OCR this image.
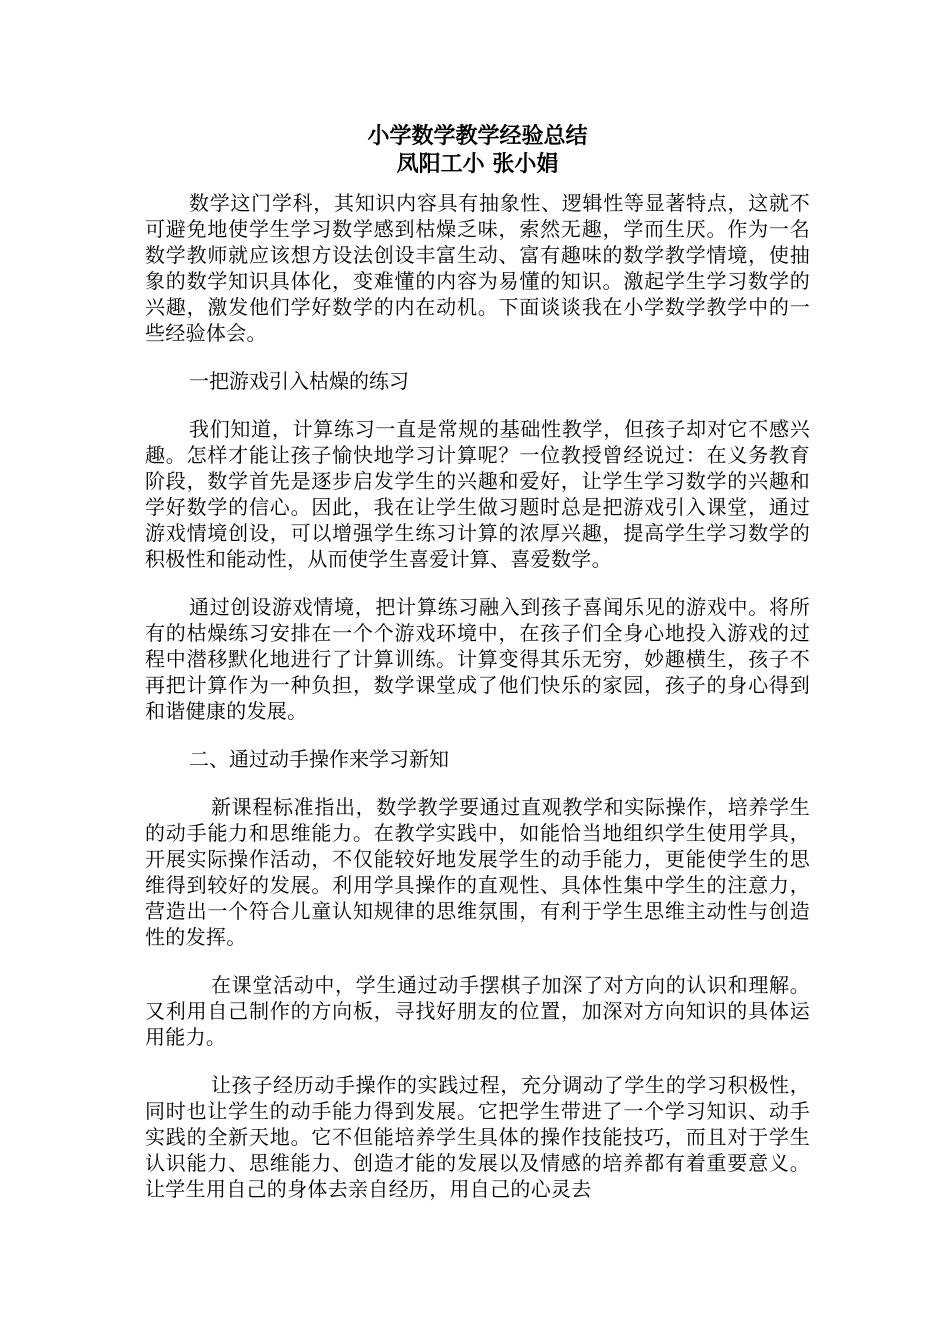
小学数学教学经验总结

凤阳工小 张小娟

数学这门学科，其知识内容具有抽象性、逻辑性等显著特点，这就不可避免地使学生学习数学感到枯燥乏味，索然无趣，学而生厌。作为一名数学教师就应该想方设法创设丰富生动、富有趣味的数学教学情境，使抽象的数学知识具体化，变难懂的内容为易懂的知识。激起学生学习数学的兴趣，激发他们学好数学的内在动机。下面谈谈我在小学数学教学中的一些经验体会。

一把游戏引入枯燥的练习

我们知道，计算练习一直是常规的基础性教学，但孩子却对它不感兴趣。怎样才能让孩子愉快地学习计算呢？一位教授曾经说过：在义务教育阶段，数学首先是逐步启发学生的兴趣和爱好，让学生学习数学的兴趣和学好数学的信心。因此，我在让学生做习题时总是把游戏引入课堂，通过游戏情境创设，可以增强学生练习计算的浓厚兴趣，提高学生学习数学的积极性和能动性，从而使学生喜爱计算、喜爱数学。

通过创设游戏情境，把计算练习融入到孩子喜闻乐见的游戏中。将所有的枯燥练习安排在一个个游戏环境中，在孩子们全身心地投入游戏的过程中潜移默化地进行了计算训练。计算变得其乐无穷，妙趣横生，孩子不再把计算作为一种负担，数学课堂成了他们快乐的家园，孩子的身心得到和谐健康的发展。

二、通过动手操作来学习新知

新课程标准指出，数学教学要通过直观教学和实际操作，培养学生的动手能力和思维能力。在教学实践中，如能恰当地组织学生使用学具，开展实际操作活动，不仅能较好地发展学生的动手能力，更能使学生的思维得到较好的发展。利用学具操作的直观性、具体性集中学生的注意力，营造出一个符合儿童认知规律的思维氛围，有利于学生思维主动性与创造性的发挥。

在课堂活动中，学生通过动手摆棋子加深了对方向的认识和理解。又利用自己制作的方向板，寻找好朋友的位置，加深对方向知识的具体运用能力。

让孩子经历动手操作的实践过程，充分调动了学生的学习积极性，同时也让学生的动手能力得到发展。它把学生带进了一个学习知识、动手实践的全新天地。它不但能培养学生具体的操作技能技巧，而且对于学生认识能力、思维能力、创造才能的发展以及情感的培养都有着重要意义。让学生用自己的身体去亲自经历，用自己的心灵去
